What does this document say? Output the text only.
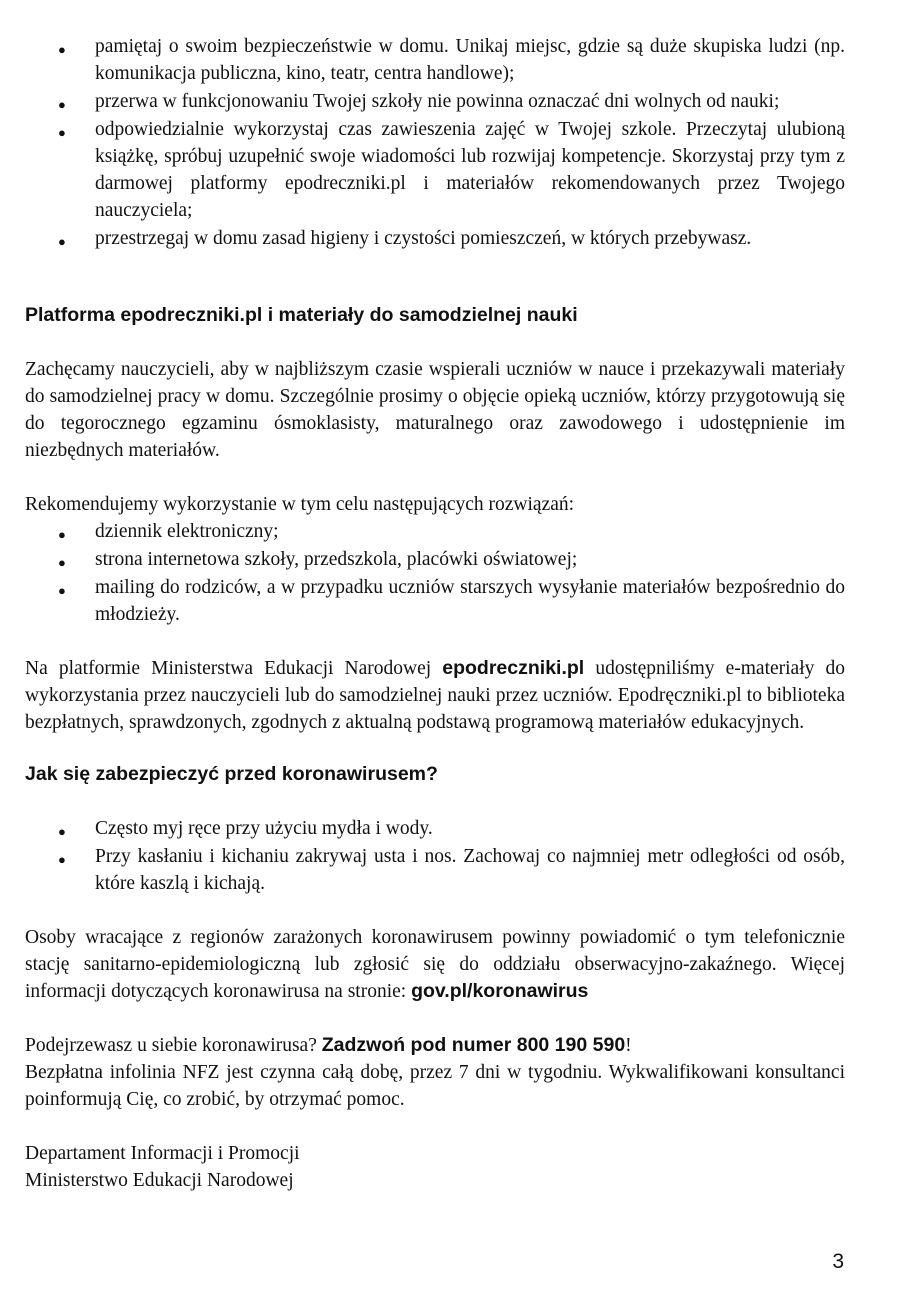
● pamiętaj o swoim bezpieczeństwie w domu. Unikaj miejsc, gdzie są duże skupiska ludzi (np. komunikacja publiczna, kino, teatr, centra handlowe);
● przerwa w funkcjonowaniu Twojej szkoły nie powinna oznaczać dni wolnych od nauki;
● odpowiedzialnie wykorzystaj czas zawieszenia zajęć w Twojej szkole. Przeczytaj ulubioną książkę, spróbuj uzupełnić swoje wiadomości lub rozwijaj kompetencje. Skorzystaj przy tym z darmowej platformy epodreczniki.pl i materiałów rekomendowanych przez Twojego nauczyciela;
● przestrzegaj w domu zasad higieny i czystości pomieszczeń, w których przebywasz.

Platforma epodreczniki.pl i materiały do samodzielnej nauki

Zachęcamy nauczycieli, aby w najbliższym czasie wspierali uczniów w nauce i przekazywali materiały do samodzielnej pracy w domu. Szczególnie prosimy o objęcie opieką uczniów, którzy przygotowują się do tegorocznego egzaminu ósmoklasisty, maturalnego oraz zawodowego i udostępnienie im niezbędnych materiałów.

Rekomendujemy wykorzystanie w tym celu następujących rozwiązań:

● dziennik elektroniczny;
● strona internetowa szkoły, przedszkola, placówki oświatowej;
● mailing do rodziców, a w przypadku uczniów starszych wysyłanie materiałów bezpośrednio do młodzieży.

Na platformie Ministerstwa Edukacji Narodowej epodreczniki.pl udostępniliśmy e-materiały do wykorzystania przez nauczycieli lub do samodzielnej nauki przez uczniów. Epodręczniki.pl to biblioteka bezpłatnych, sprawdzonych, zgodnych z aktualną podstawą programową materiałów edukacyjnych.

Jak się zabezpieczyć przed koronawirusem?

● Często myj ręce przy użyciu mydła i wody.
● Przy kasłaniu i kichaniu zakrywaj usta i nos. Zachowaj co najmniej metr odległości od osób, które kaszlą i kichają.

Osoby wracające z regionów zarażonych koronawirusem powinny powiadomić o tym telefonicznie stację sanitarno-epidemiologiczną lub zgłosić się do oddziału obserwacyjno-zakaźnego. Więcej informacji dotyczących koronawirusa na stronie: gov.pl/koronawirus

Podejrzewasz u siebie koronawirusa? Zadzwoń pod numer 800 190 590!

Bezpłatna infolinia NFZ jest czynna całą dobę, przez 7 dni w tygodniu. Wykwalifikowani konsultanci poinformują Cię, co zrobić, by otrzymać pomoc.

Departament Informacji i Promocji

Ministerstwo Edukacji Narodowej

3
